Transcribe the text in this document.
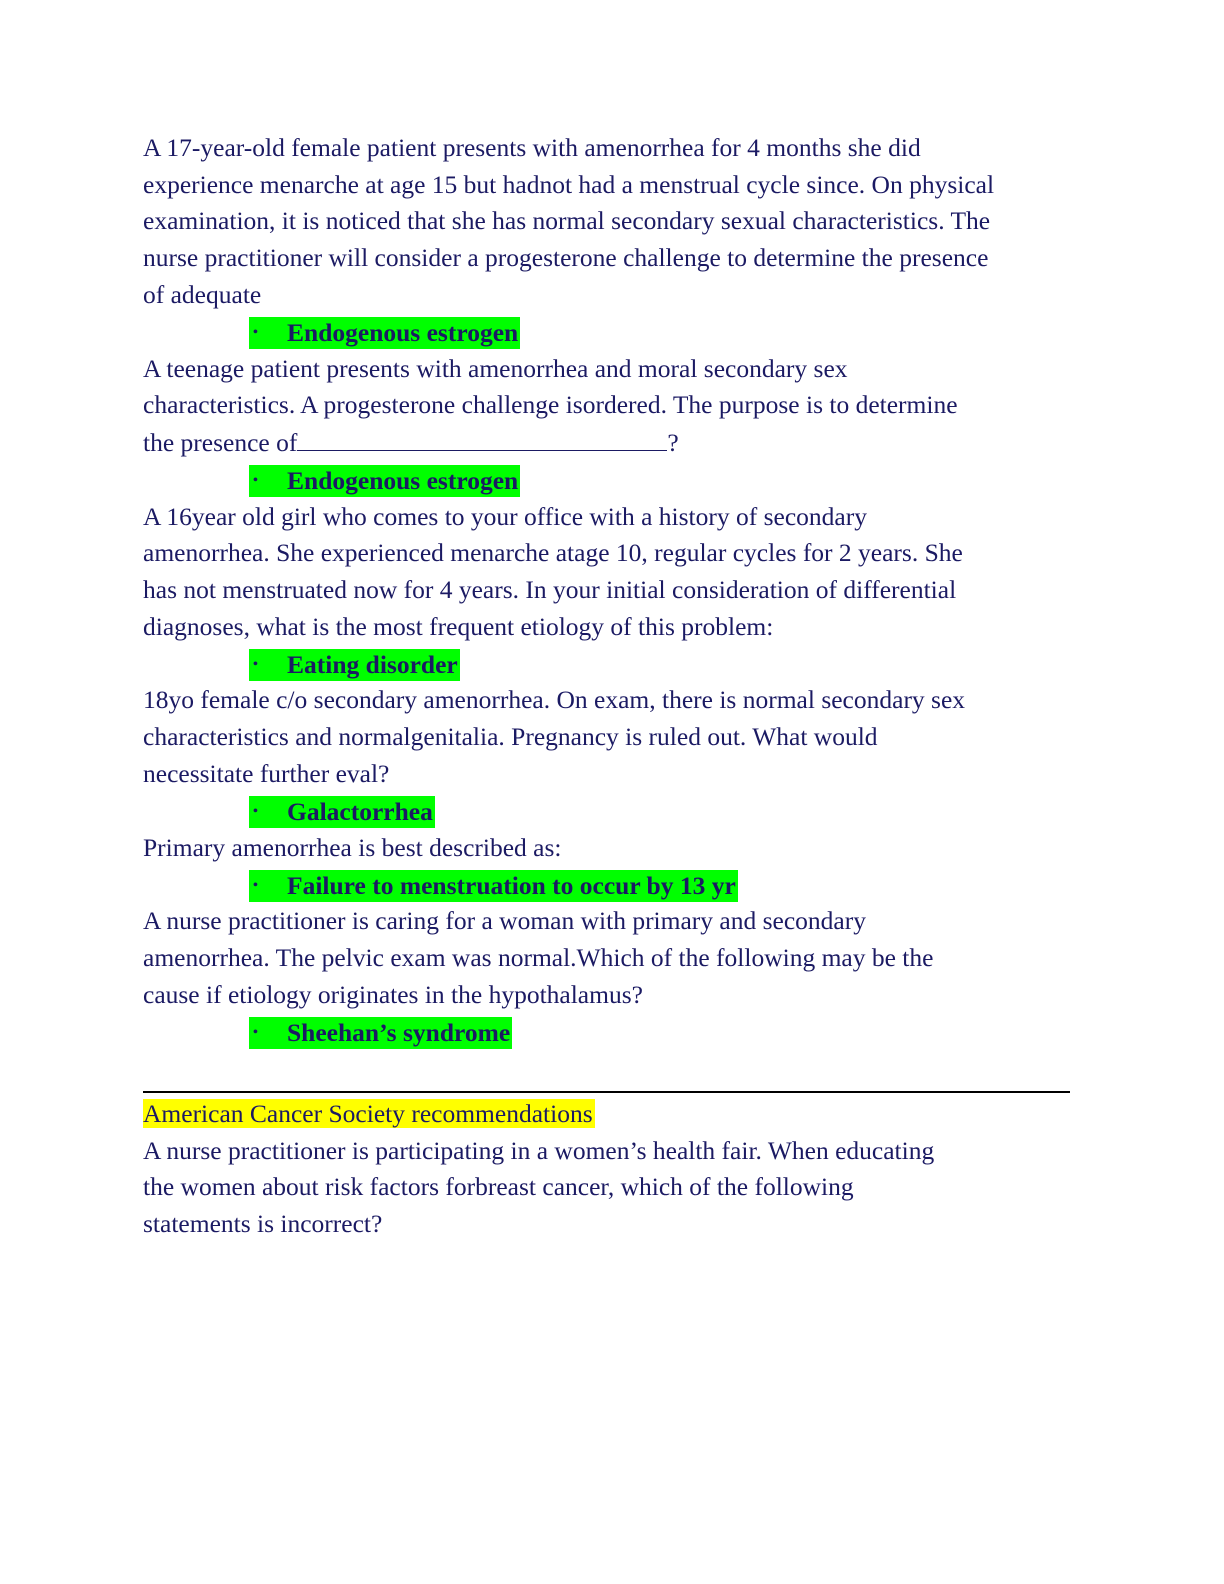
A 17-year-old female patient presents with amenorrhea for 4 months she did
experience menarche at age 15 but hadnot had a menstrual cycle since. On physical
examination, it is noticed that she has normal secondary sexual characteristics. The
nurse practitioner will consider a progesterone challenge to determine the presence
of adequate
• Endogenous estrogen
A teenage patient presents with amenorrhea and moral secondary sex
characteristics. A progesterone challenge isordered. The purpose is to determine
the presence of	?
• Endogenous estrogen
A 16year old girl who comes to your office with a history of secondary
amenorrhea. She experienced menarche atage 10, regular cycles for 2 years. She
has not menstruated now for 4 years. In your initial consideration of differential
diagnoses, what is the most frequent etiology of this problem:
• Eating disorder
18yo female c/o secondary amenorrhea. On exam, there is normal secondary sex
characteristics and normalgenitalia. Pregnancy is ruled out. What would
necessitate further eval?
• Galactorrhea
Primary amenorrhea is best described as:
• Failure to menstruation to occur by 13 yr
A nurse practitioner is caring for a woman with primary and secondary
amenorrhea. The pelvic exam was normal.Which of the following may be the
cause if etiology originates in the hypothalamus?
• Sheehan’s syndrome
American Cancer Society recommendations
A nurse practitioner is participating in a women’s health fair. When educating
the women about risk factors forbreast cancer, which of the following
statements is incorrect?
